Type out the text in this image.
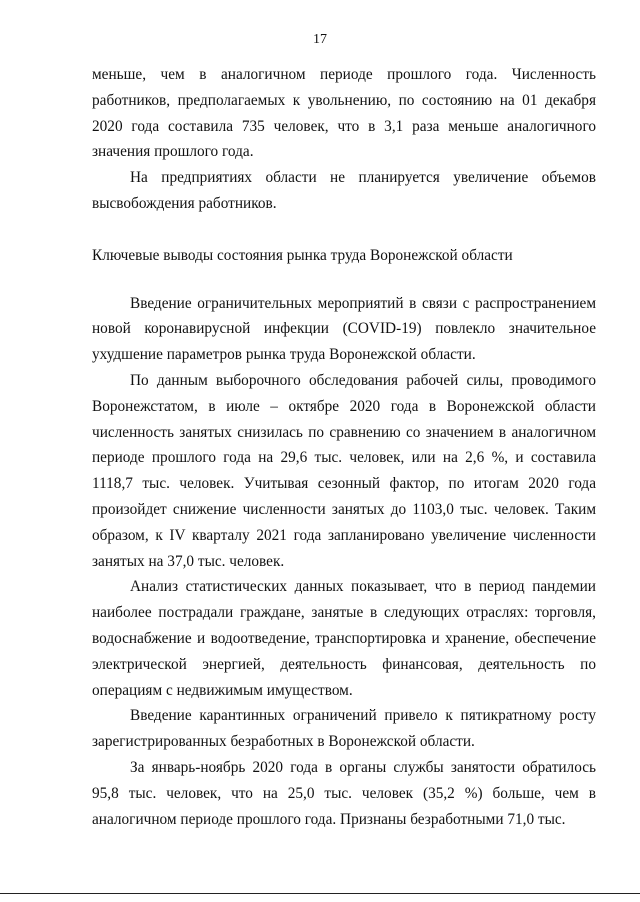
17

меньше, чем в аналогичном периоде прошлого года. Численность работников, предполагаемых к увольнению, по состоянию на 01 декабря 2020 года составила 735 человек, что в 3,1 раза меньше аналогичного значения прошлого года.

На предприятиях области не планируется увеличение объемов высвобождения работников.

Ключевые выводы состояния рынка труда Воронежской области

Введение ограничительных мероприятий в связи с распространением новой коронавирусной инфекции (COVID-19) повлекло значительное ухудшение параметров рынка труда Воронежской области.

По данным выборочного обследования рабочей силы, проводимого Воронежстатом, в июле – октябре 2020 года в Воронежской области численность занятых снизилась по сравнению со значением в аналогичном периоде прошлого года на 29,6 тыс. человек, или на 2,6 %, и составила 1118,7 тыс. человек. Учитывая сезонный фактор, по итогам 2020 года произойдет снижение численности занятых до 1103,0 тыс. человек. Таким образом, к IV кварталу 2021 года запланировано увеличение численности занятых на 37,0 тыс. человек.

Анализ статистических данных показывает, что в период пандемии наиболее пострадали граждане, занятые в следующих отраслях: торговля, водоснабжение и водоотведение, транспортировка и хранение, обеспечение электрической энергией, деятельность финансовая, деятельность по операциям с недвижимым имуществом.

Введение карантинных ограничений привело к пятикратному росту зарегистрированных безработных в Воронежской области.

За январь-ноябрь 2020 года в органы службы занятости обратилось 95,8 тыс. человек, что на 25,0 тыс. человек (35,2 %) больше, чем в аналогичном периоде прошлого года. Признаны безработными 71,0 тыс.
